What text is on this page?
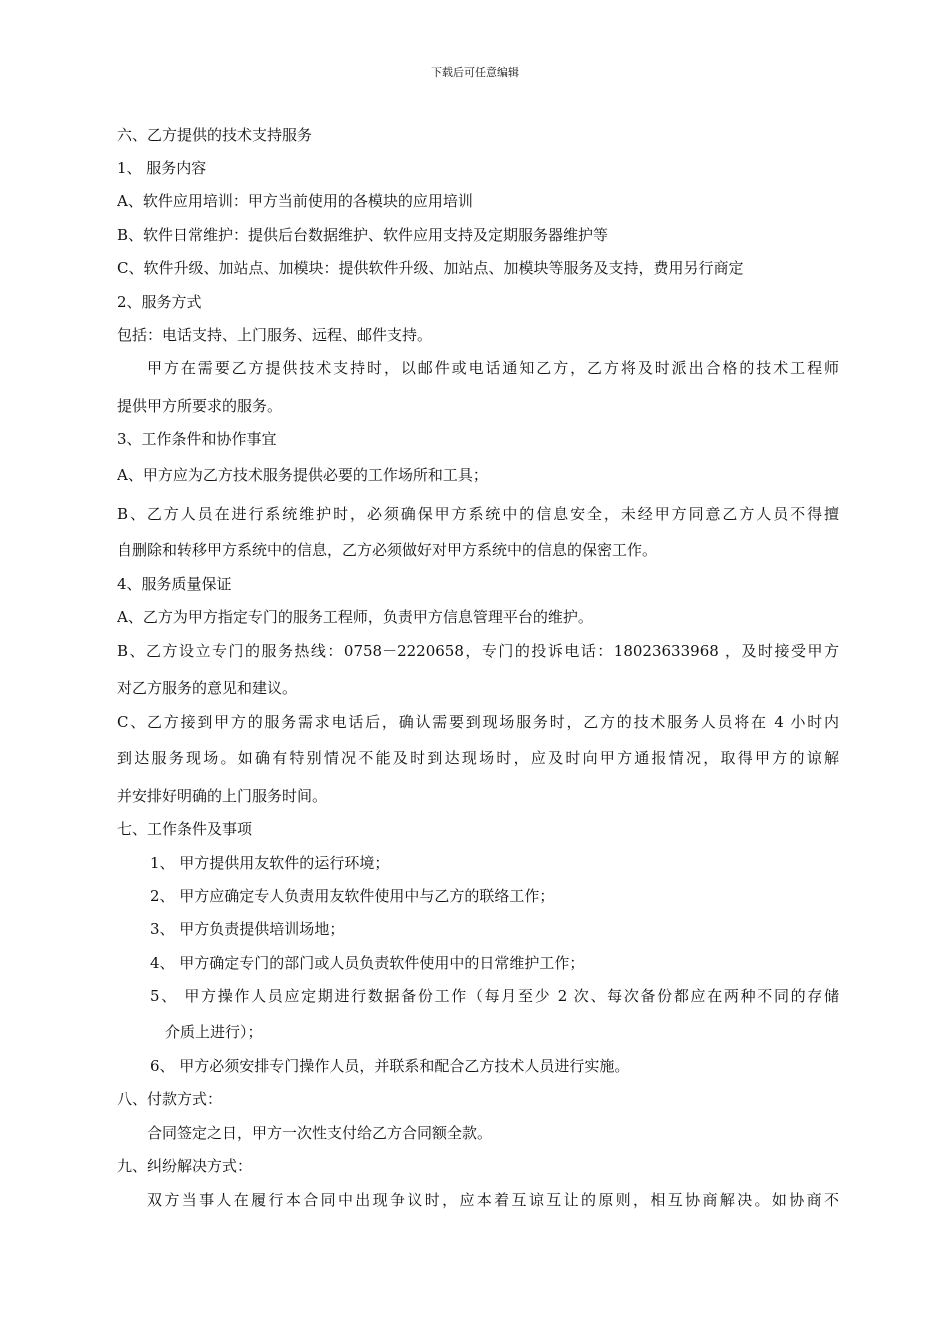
下载后可任意编辑
六、乙方提供的技术支持服务
1、 服务内容
A、软件应用培训：甲方当前使用的各模块的应用培训
B、软件日常维护：提供后台数据维护、软件应用支持及定期服务器维护等
C、软件升级、加站点、加模块：提供软件升级、加站点、加模块等服务及支持，费用另行商定
2、服务方式
包括：电话支持、上门服务、远程、邮件支持。
甲方在需要乙方提供技术支持时，以邮件或电话通知乙方，乙方将及时派出合格的技术工程师
提供甲方所要求的服务。
3、工作条件和协作事宜
A、甲方应为乙方技术服务提供必要的工作场所和工具；
B、乙方人员在进行系统维护时，必须确保甲方系统中的信息安全，未经甲方同意乙方人员不得擅
自删除和转移甲方系统中的信息，乙方必须做好对甲方系统中的信息的保密工作。
4、服务质量保证
A、乙方为甲方指定专门的服务工程师，负责甲方信息管理平台的维护。
B、乙方设立专门的服务热线：0758－2220658，专门的投诉电话：18023633968 ，及时接受甲方
对乙方服务的意见和建议。
C、乙方接到甲方的服务需求电话后，确认需要到现场服务时，乙方的技术服务人员将在 4 小时内
到达服务现场。如确有特别情况不能及时到达现场时，应及时向甲方通报情况，取得甲方的谅解
并安排好明确的上门服务时间。
七、工作条件及事项
1、 甲方提供用友软件的运行环境；
2、 甲方应确定专人负责用友软件使用中与乙方的联络工作；
3、 甲方负责提供培训场地；
4、 甲方确定专门的部门或人员负责软件使用中的日常维护工作；
5、 甲方操作人员应定期进行数据备份工作（每月至少 2 次、每次备份都应在两种不同的存储
介质上进行）；
6、 甲方必须安排专门操作人员，并联系和配合乙方技术人员进行实施。
八、付款方式：
合同签定之日，甲方一次性支付给乙方合同额全款。
九、纠纷解决方式：
双方当事人在履行本合同中出现争议时，应本着互谅互让的原则，相互协商解决。如协商不
